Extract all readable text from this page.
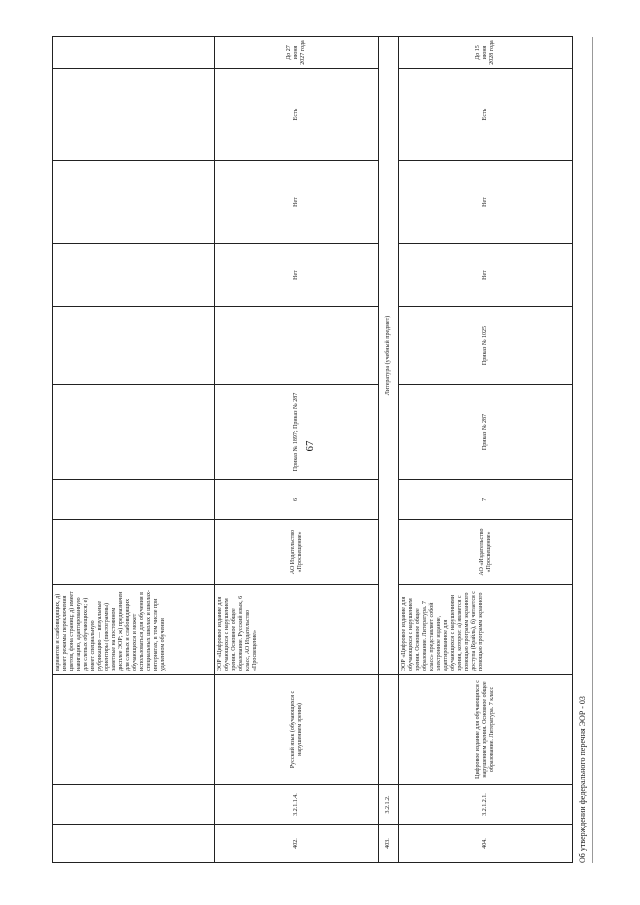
67
			вариантов и слабовидящих, д) имеет режимы переключения цветов, фона страниц; д) имеет навигацию, адаптированную для слепых обучающихся; е) имеет специальную рубрикацию — визуальные ориентиры (пиктограммы) заметные на постоянном дисплее ЭОР; ж) предназначен для слепых и слабовидящих обучающихся и может использоваться для обучения в специальных школах и школах-интернатах, в том числе при удаленном обучении								
402.	3.2.1.1.4.	Русский язык (обучающихся с нарушением зрения)	ЭОР «Цифровое издание для обучающихся с нарушением зрения. Основное общее образование. Русский язык, 6 класс, АО Издательство «Просвещение»	АО Издательство «Просвещение»	6	Приказ № 1897; Приказ № 287		Нет	Нет	Есть	До 27 июня 2027 года
403.	3.2.1.2.		Литература (учебный предмет)								
404.	3.2.1.2.1.	Цифровое издание для обучающихся с нарушением зрения. Основное общее образование. Литература. 7 класс	ЭОР «Цифровое издание для обучающихся с нарушением зрения. Основное общее образование. Литература. 7 класс» представляет собой электронное издание, адаптированное для обучающихся с нарушениями зрения, которое: а) является с помощью программ экранного доступа (Брайль), б) читается с помощью программ экранного	АО «Издательство «Просвещение»	7	Приказ № 287	Приказ № 1025	Нет	Нет	Есть	До 15 июня 2028 года
Об утверждении федерального перечня ЭОР - 03
